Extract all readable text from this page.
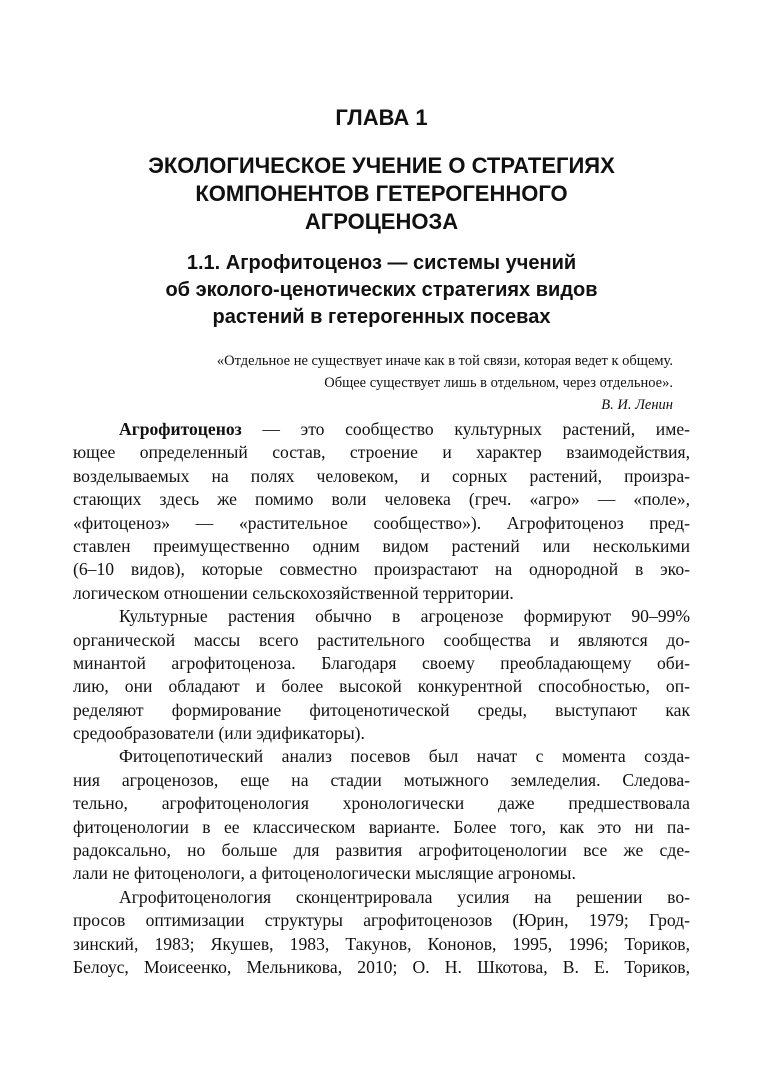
ГЛАВА 1
ЭКОЛОГИЧЕСКОЕ УЧЕНИЕ О СТРАТЕГИЯХ
КОМПОНЕНТОВ ГЕТЕРОГЕННОГО
АГРОЦЕНОЗА
1.1. Агрофитоценоз — системы учений
об эколого-ценотических стратегиях видов
растений в гетерогенных посевах
«Отдельное не существует иначе как в той связи, которая ведет к общему.
Общее существует лишь в отдельном, через отдельное».
В. И. Ленин
Агрофитоценоз — это сообщество культурных растений, име-
ющее определенный состав, строение и характер взаимодействия,
возделываемых на полях человеком, и сорных растений, произра-
стающих здесь же помимо воли человека (греч. «агро» — «поле»,
«фитоценоз» — «растительное сообщество»). Агрофитоценоз пред-
ставлен преимущественно одним видом растений или несколькими
(6–10 видов), которые совместно произрастают на однородной в эко-
логическом отношении сельскохозяйственной территории.
Культурные растения обычно в агроценозе формируют 90–99%
органической массы всего растительного сообщества и являются до-
минантой агрофитоценоза. Благодаря своему преобладающему оби-
лию, они обладают и более высокой конкурентной способностью, оп-
ределяют формирование фитоценотической среды, выступают как
средообразователи (или эдификаторы).
Фитоцепотический анализ посевов был начат с момента созда-
ния агроценозов, еще на стадии мотыжного земледелия. Следова-
тельно, агрофитоценология хронологически даже предшествовала
фитоценологии в ее классическом варианте. Более того, как это ни па-
радоксально, но больше для развития агрофитоценологии все же сде-
лали не фитоценологи, а фитоценологически мыслящие агрономы.
Агрофитоценология сконцентрировала усилия на решении во-
просов оптимизации структуры агрофитоценозов (Юрин, 1979; Грод-
зинский, 1983; Якушев, 1983, Такунов, Кононов, 1995, 1996; Ториков,
Белоус, Моисеенко, Мельникова, 2010; О. Н. Шкотова, В. Е. Ториков,
